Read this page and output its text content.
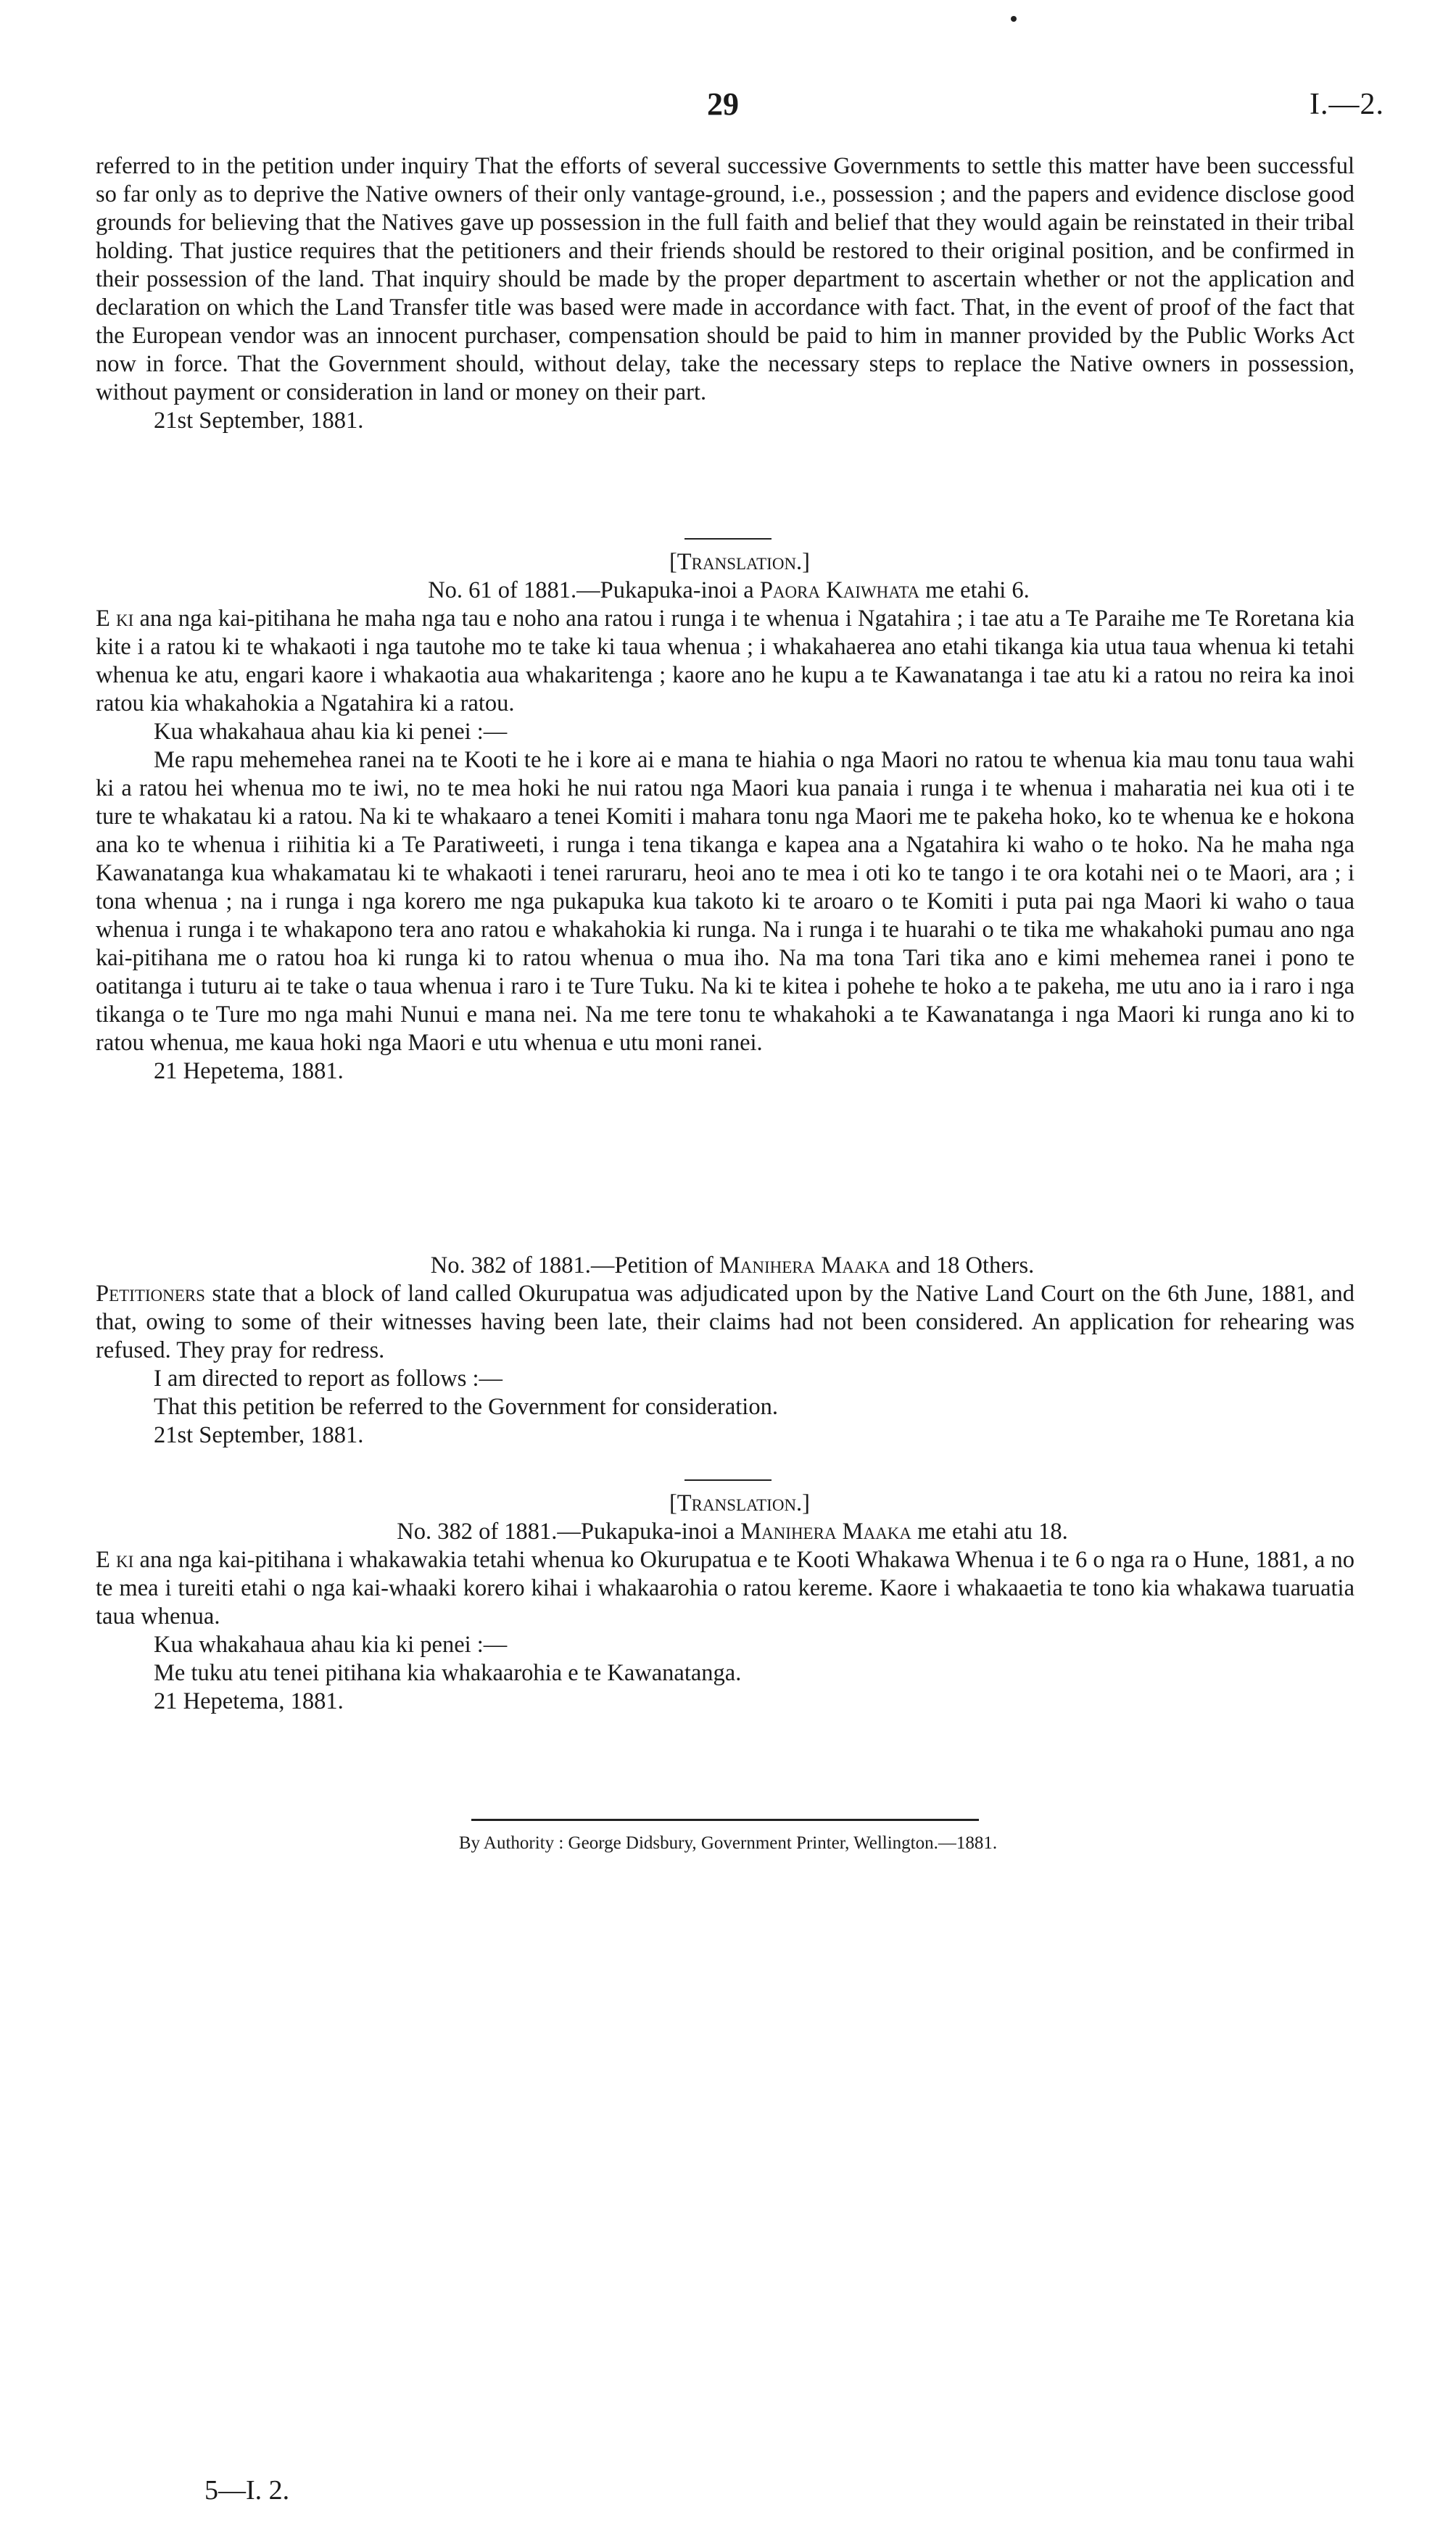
29	I.—2.

referred to in the petition under inquiry That the efforts of several successive Governments to settle this matter have been successful so far only as to deprive the Native owners of their only vantage-ground, i.e., possession ; and the papers and evidence disclose good grounds for believing that the Natives gave up possession in the full faith and belief that they would again be reinstated in their tribal holding. That justice requires that the petitioners and their friends should be restored to their original position, and be confirmed in their possession of the land. That inquiry should be made by the proper department to ascertain whether or not the application and declaration on which the Land Transfer title was based were made in accordance with fact. That, in the event of proof of the fact that the European vendor was an innocent purchaser, compensation should be paid to him in manner provided by the Public Works Act now in force. That the Government should, without delay, take the necessary steps to replace the Native owners in possession, without payment or consideration in land or money on their part.

21st September, 1881.

[Translation.]

No. 61 of 1881.—Pukapuka-inoi a Paora Kaiwhata me etahi 6.

E ki ana nga kai-pitihana he maha nga tau e noho ana ratou i runga i te whenua i Ngatahira ; i tae atu a Te Paraihe me Te Roretana kia kite i a ratou ki te whakaoti i nga tautohe mo te take ki taua whenua ; i whakahaerea ano etahi tikanga kia utua taua whenua ki tetahi whenua ke atu, engari kaore i whakaotia aua whakaritenga ; kaore ano he kupu a te Kawanatanga i tae atu ki a ratou no reira ka inoi ratou kia whakahokia a Ngatahira ki a ratou.

Kua whakahaua ahau kia ki penei :—

Me rapu mehemehea ranei na te Kooti te he i kore ai e mana te hiahia o nga Maori no ratou te whenua kia mau tonu taua wahi ki a ratou hei whenua mo te iwi, no te mea hoki he nui ratou nga Maori kua panaia i runga i te whenua i maharatia nei kua oti i te ture te whakatau ki a ratou. Na ki te whakaaro a tenei Komiti i mahara tonu nga Maori me te pakeha hoko, ko te whenua ke e hokona ana ko te whenua i riihitia ki a Te Paratiweeti, i runga i tena tikanga e kapea ana a Ngatahira ki waho o te hoko. Na he maha nga Kawanatanga kua whakamatau ki te whakaoti i tenei raruraru, heoi ano te mea i oti ko te tango i te ora kotahi nei o te Maori, ara ; i tona whenua ; na i runga i nga korero me nga pukapuka kua takoto ki te aroaro o te Komiti i puta pai nga Maori ki waho o taua whenua i runga i te whakapono tera ano ratou e whakahokia ki runga. Na i runga i te huarahi o te tika me whakahoki pumau ano nga kai-pitihana me o ratou hoa ki runga ki to ratou whenua o mua iho. Na ma tona Tari tika ano e kimi mehemea ranei i pono te oatitanga i tuturu ai te take o taua whenua i raro i te Ture Tuku. Na ki te kitea i pohehe te hoko a te pakeha, me utu ano ia i raro i nga tikanga o te Ture mo nga mahi Nunui e mana nei. Na me tere tonu te whakahoki a te Kawanatanga i nga Maori ki runga ano ki to ratou whenua, me kaua hoki nga Maori e utu whenua e utu moni ranei.

21 Hepetema, 1881.

No. 382 of 1881.—Petition of Manihera Maaka and 18 Others.

Petitioners state that a block of land called Okurupatua was adjudicated upon by the Native Land Court on the 6th June, 1881, and that, owing to some of their witnesses having been late, their claims had not been considered. An application for rehearing was refused. They pray for redress.

I am directed to report as follows :—

That this petition be referred to the Government for consideration.

21st September, 1881.

[Translation.]

No. 382 of 1881.—Pukapuka-inoi a Manihera Maaka me etahi atu 18.

E ki ana nga kai-pitihana i whakawakia tetahi whenua ko Okurupatua e te Kooti Whakawa Whenua i te 6 o nga ra o Hune, 1881, a no te mea i tureiti etahi o nga kai-whaaki korero kihai i whakaarohia o ratou kereme. Kaore i whakaaetia te tono kia whakawa tuaruatia taua whenua.

Kua whakahaua ahau kia ki penei :—

Me tuku atu tenei pitihana kia whakaarohia e te Kawanatanga.

21 Hepetema, 1881.

By Authority : George Didsbury, Government Printer, Wellington.—1881.
5—I. 2.
